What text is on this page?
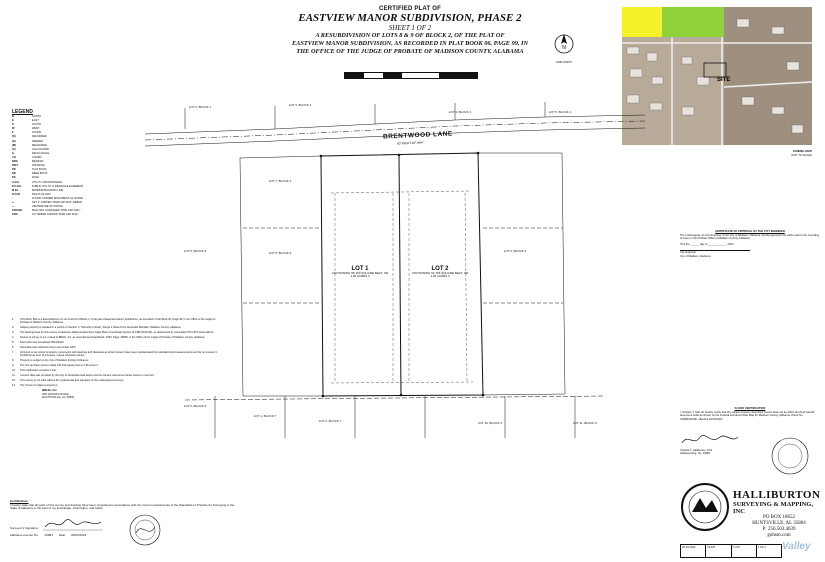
CERTIFIED PLAT OF
EASTVIEW MANOR SUBDIVISION, PHASE 2
SHEET 1 OF 2
A RESUBDIVISION OF LOTS 8 & 9 OF BLOCK 2, OF THE PLAT OF
EASTVIEW MANOR SUBDIVISION, AS RECORDED IN PLAT BOOK 06, PAGE 99, IN
THE OFFICE OF THE JUDGE OF PROBATE OF MADISON COUNTY, ALABAMA	N
GRID NORTH
SITE
ZONING MAP
(NOT TO SCALE)
LEGEND
N	NORTH
E	EAST
S	SOUTH
W	WEST
F	FOUND
(R)	RECORDED
(D)	DEEDED
(M)	MEASURED
(C)	CALCULATED
Δ	DELTA ANGLE
CH	CHORD
BRG	BEARING
DIST	DISTANCE
PB	PLAT BOOK
DB	DEED BOOK
PG	PAGE
U.D.E.	UTILITY AND DRAINAGE
P.U.D.E.	PUBLIC UTILITY & DRAINAGE EASEMENT
M.B.L.	MINIMUM BUILDING LINE
R.O.W.	RIGHT-OF-WAY
○	FOUND CORNER MONUMENT AS NOTED
●	SET 1" CAPPED "RSM CAP 0101" REBAR
—	CENTERLINE OF PAVING
FSM MG	MAG NAIL IN WASHER "RSM CAP 0101"
FSM	1/2" REBAR CAPPED "RSM CAP 0101"
BRENTWOOD LANE
50' RIGHT-OF-WAY
LOT 1
CONTAINING 55,190 SQUARE FEET, OR 1.26 ACRES ±
LOT 2
CONTAINING 52,766 SQUARE FEET, OR 1.20 ACRES ±
LOT 2, BLOCK 1	LOT 3, BLOCK 1
LOT 4, BLOCK 1	LOT 5, BLOCK 1
LOT 7, BLOCK 2
LOT 6, BLOCK 2
LOT 5, BLOCK 9	LOT 5, BLOCK 9
LOT 6, BLOCK 9
LOT 1, BLOCK 7
LOT 2, BLOCK 7	LOT 10, BLOCK 2	LOT 11, BLOCK 2
1.	This Minor Plat is a Resubdivision of Lots 8 and 9 of Block 2, of the plat of Eastview Manor Subdivision, as recorded in Plat Book 06, Page 99, in the Office of the Judge of Probate of Madison County, Alabama.
2.	Subject property is situated in a portion of Section 3, Township 4 South, Range 1 West of the Huntsville Meridian, Madison County, Alabama.
3.	The bearing base for this survey is based on Alabama East Zone State Plane Coordinate System of 1983 (NAD 83), as determined by redundant RTK GPS observations.
4.	Source of survey is per a deed to BRHG, Inc. as recorded per Deed Book: 0039, Page: 26884, in the Office of the Judge of Probate of Madison County, Alabama.
5.	Field work was completed 05/10/2023.
6.	Field data was collected using Leica Smart GPS.
7.	All found or set corner boundary monuments with bearings and distances as shown hereon have been substantiated by redundant field measurements and do not exceed 1: 10,000 linear error of precision, unless otherwise shown.
8.	Property is subject to the City of Madison Zoning Ordinance.
9.	The lots as drawn hereon totals 106,011 square feet or 2.46 acres ±.
10.	This subdivision contains 2 lots.
11.	Contour data was provided by the City of Huntsville Data Depot and the contour interval as shown hereon is one foot.
12.	This survey is not valid without the original seal and signature of the undersigned surveyor.
13.	The Owner of subject property is:
BRHG, Inc.
206 SOURIS ROAD
HUNTSVILLE, AL 35811
Certification:
I hereby state that all parts of this survey and drawing have been completed in accordance with the current requirements of the Standards of Practice for Surveying in the State of Alabama to the best of my knowledge, information, and belief.
Surveyor's Signature:
Alabama License No. 29981 Date 06/25/2023
CERTIFICATE OF APPROVAL BY THE CITY ENGINEER
The undersigned, as City Engineer of the City of Madison, Alabama, hereby approves the within plat for the recording of same in the Probate Office of Madison County, Alabama.
This the ______ day of ____________, 2023
City Engineer
City of Madison, Alabama
FLOOD CERTIFICATION
I, Charles T. Hall, do hereby certify that the subject property described hereon does not lie within the flood hazard area Zone A/AE as shown on the Federal Insurance Rate Map for Madison County, Alabama, Panel No. 01089C0160F, effective 02/15/2024.
Charles T. Halliburton, PLS
Alabama Reg. No. 29981
HALLIBURTON
SURVEYING & MAPPING, INC
PO BOX 18652
HUNTSVILLE, AL 35804
P: 256.503.4639
gohsm.com
06-20-2023	23-187	1"=50'	1 OF 2	Valley
